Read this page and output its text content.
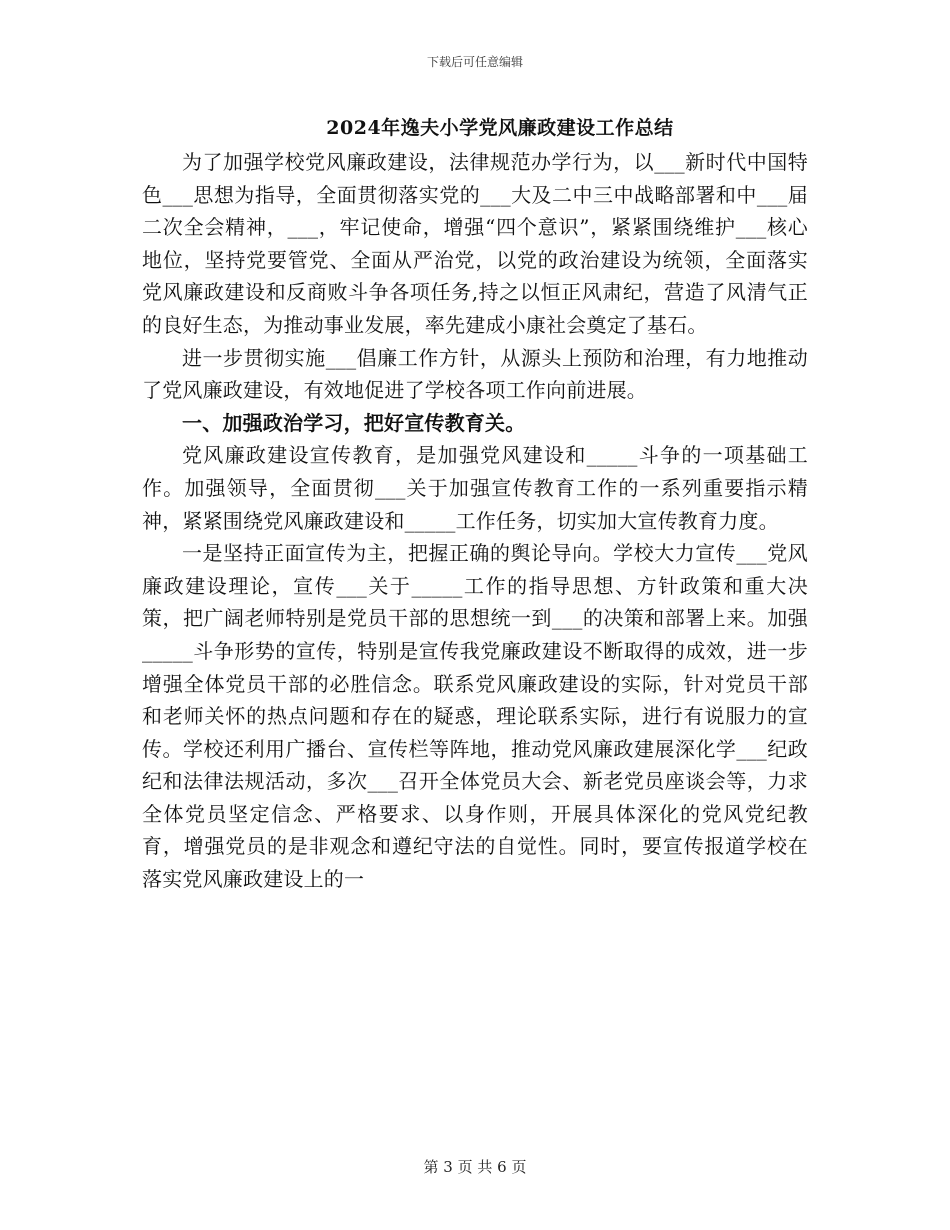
下载后可任意编辑
2024年逸夫小学党风廉政建设工作总结

为了加强学校党风廉政建设，法律规范办学行为，以___新时代中国特色___思想为指导，全面贯彻落实党的___大及二中三中战略部署和中___届二次全会精神，___，牢记使命，增强“四个意识”，紧紧围绕维护___核心地位，坚持党要管党、全面从严治党，以党的政治建设为统领，全面落实党风廉政建设和反商败斗争各项任务,持之以恒正风肃纪，营造了风清气正的良好生态，为推动事业发展，率先建成小康社会奠定了基石。

进一步贯彻实施___倡廉工作方针，从源头上预防和治理，有力地推动了党风廉政建设，有效地促进了学校各项工作向前进展。

一、加强政治学习，把好宣传教育关。

党风廉政建设宣传教育，是加强党风建设和_____斗争的一项基础工作。加强领导，全面贯彻___关于加强宣传教育工作的一系列重要指示精神，紧紧围绕党风廉政建设和_____工作任务，切实加大宣传教育力度。

一是坚持正面宣传为主，把握正确的舆论导向。学校大力宣传___党风廉政建设理论，宣传___关于_____工作的指导思想、方针政策和重大决策，把广阔老师特别是党员干部的思想统一到___的决策和部署上来。加强_____斗争形势的宣传，特别是宣传我党廉政建设不断取得的成效，进一步增强全体党员干部的必胜信念。联系党风廉政建设的实际，针对党员干部和老师关怀的热点问题和存在的疑惑，理论联系实际，进行有说服力的宣传。学校还利用广播台、宣传栏等阵地，推动党风廉政建展深化学___纪政纪和法律法规活动，多次___召开全体党员大会、新老党员座谈会等，力求全体党员坚定信念、严格要求、以身作则，开展具体深化的党风党纪教育，增强党员的是非观念和遵纪守法的自觉性。同时，要宣传报道学校在落实党风廉政建设上的一

第 3 页 共 6 页
